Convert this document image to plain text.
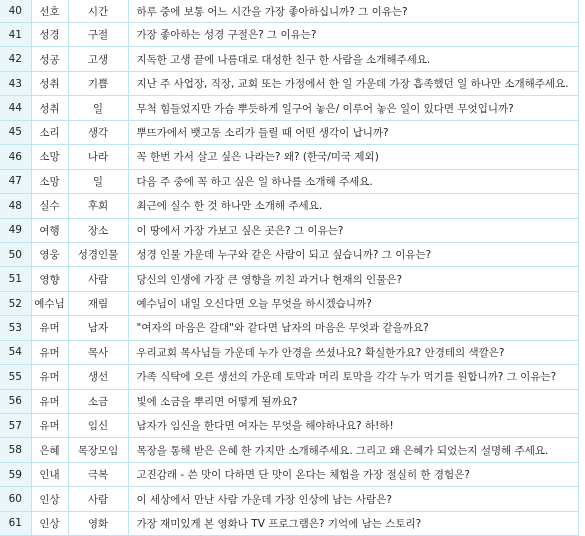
40	선호	시간	하루 중에 보통 어느 시간을 가장 좋아하십니까? 그 이유는?
41	성경	구절	가장 좋아하는 성경 구절은? 그 이유는?
42	성공	고생	지독한 고생 끝에 나름대로 대성한 친구 한 사람을 소개해주세요.
43	성취	기쁨	지난 주 사업장, 직장, 교회 또는 가정에서 한 일 가운데 가장 흡족했던 일 하나만 소개해주세요.
44	성취	일	무척 힘들었지만 가슴 뿌듯하게 일구어 놓은/ 이루어 놓은 일이 있다면 무엇입니까?
45	소리	생각	뿌뜨가에서 뱃고동 소리가 들릴 때 어떤 생각이 납니까?
46	소망	나라	꼭 한번 가서 살고 싶은 나라는? 왜? (한국/미국 제외)
47	소망	일	다음 주 중에 꼭 하고 싶은 일 하나를 소개해 주세요.
48	실수	후회	최근에 실수 한 것 하나만 소개해 주세요.
49	여행	장소	이 땅에서 가장 가보고 싶은 곳은? 그 이유는?
50	영웅	성경인물	성경 인물 가운데 누구와 같은 사람이 되고 싶습니까? 그 이유는?
51	영향	사람	당신의 인생에 가장 큰 영향을 끼친 과거나 현재의 인물은?
52	예수님	재림	예수님이 내일 오신다면 오늘 무엇을 하시겠습니까?
53	유머	남자	"여자의 마음은 갈대"와 같다면 남자의 마음은 무엇과 같을까요?
54	유머	목사	우리교회 목사님들 가운데 누가 안경을 쓰셨나요? 확실한가요? 안경테의 색깔은?
55	유머	생선	가족 식탁에 오른 생선의 가운데 토막과 머리 토막을 각각 누가 먹기를 원합니까? 그 이유는?
56	유머	소금	빛에 소금을 뿌리면 어떻게 될까요?
57	유머	임신	남자가 임신을 한다면 여자는 무엇을 해야하나요? 하!하!
58	은혜	목장모임	목장을 통해 받은 은혜 한 가지만 소개해주세요. 그리고 왜 은혜가 되었는지 설명해 주세요.
59	인내	극복	고진감래 - 쓴 맛이 다하면 단 맛이 온다는 체험을 가장 절실히 한 경험은?
60	인상	사람	이 세상에서 만난 사람 가운데 가장 인상에 남는 사람은?
61	인상	영화	가장 재미있게 본 영화나 TV 프로그램은? 기억에 남는 스토리?
